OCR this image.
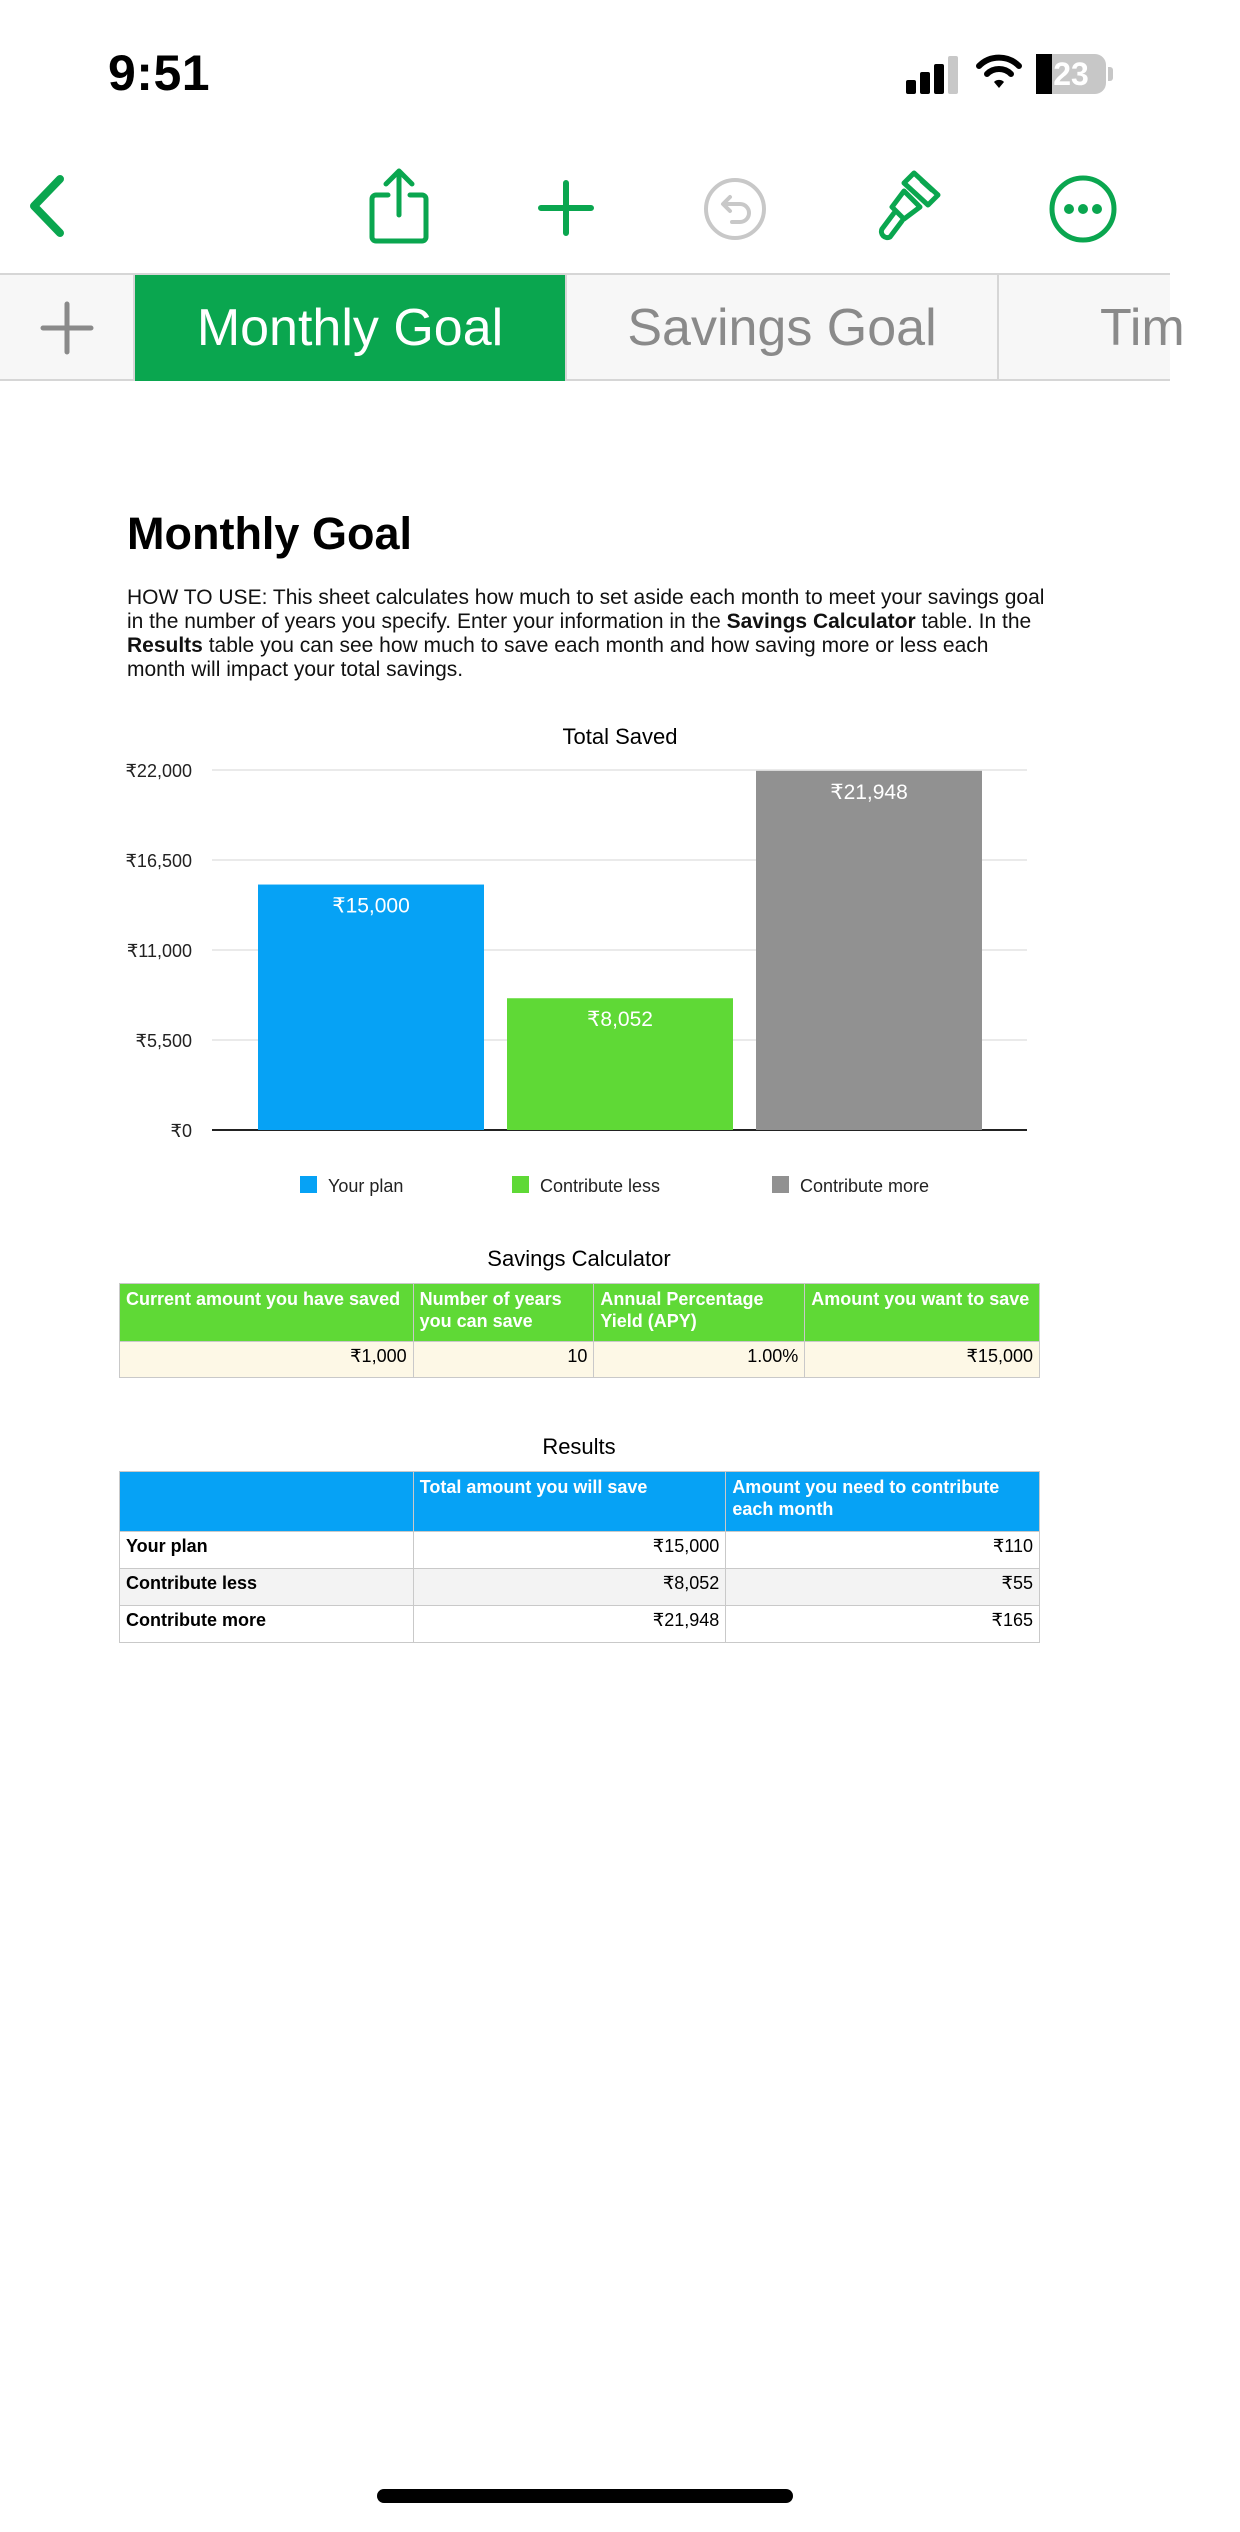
9:51	23
Monthly Goal	Savings Goal	Tim
Monthly Goal
HOW TO USE: This sheet calculates how much to set aside each month to meet your savings goal in the number of years you specify. Enter your information in the Savings Calculator table. In the Results table you can see how much to save each month and how saving more or less each month will impact your total savings.
Total Saved
₹0
₹5,500
₹11,000
₹16,500
₹22,000
₹15,000
₹8,052
₹21,948
Your plan	Contribute less	Contribute more
Savings Calculator
Current amount you have saved	Number of years you can save	Annual Percentage Yield (APY)	Amount you want to save
₹1,000	10	1.00%	₹15,000
Results
	Total amount you will save	Amount you need to contribute each month
Your plan	₹15,000	₹110
Contribute less	₹8,052	₹55
Contribute more	₹21,948	₹165
